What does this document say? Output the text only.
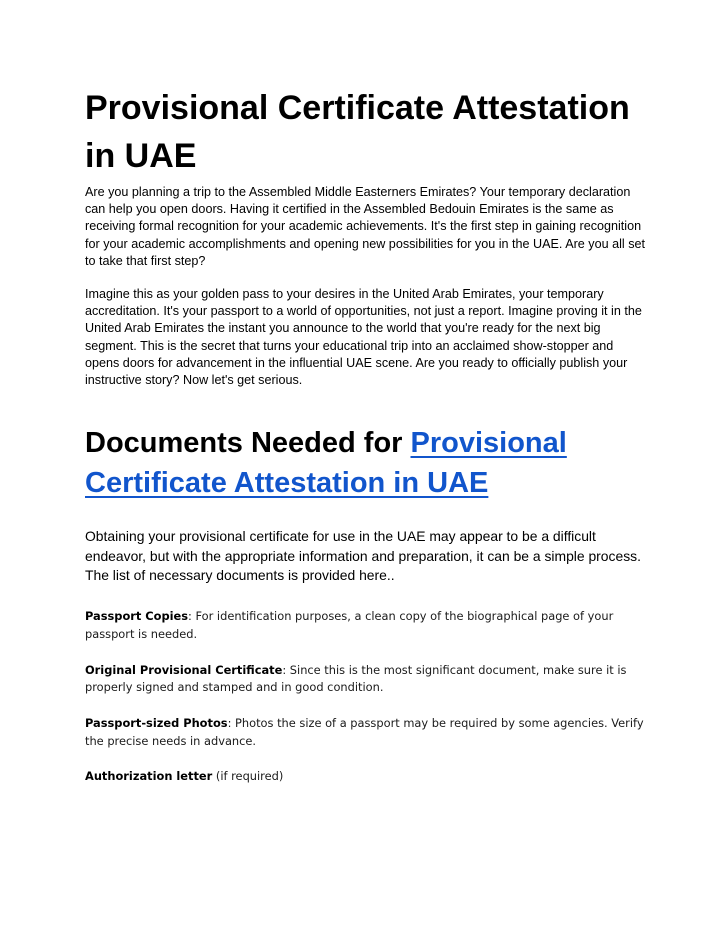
Provisional Certificate Attestation in UAE

Are you planning a trip to the Assembled Middle Easterners Emirates? Your temporary declaration can help you open doors. Having it certified in the Assembled Bedouin Emirates is the same as receiving formal recognition for your academic achievements. It's the first step in gaining recognition for your academic accomplishments and opening new possibilities for you in the UAE. Are you all set to take that first step?

Imagine this as your golden pass to your desires in the United Arab Emirates, your temporary accreditation. It's your passport to a world of opportunities, not just a report. Imagine proving it in the United Arab Emirates the instant you announce to the world that you're ready for the next big segment. This is the secret that turns your educational trip into an acclaimed show-stopper and opens doors for advancement in the influential UAE scene. Are you ready to officially publish your instructive story? Now let's get serious.

Documents Needed for Provisional Certificate Attestation in UAE

Obtaining your provisional certificate for use in the UAE may appear to be a difficult endeavor, but with the appropriate information and preparation, it can be a simple process. The list of necessary documents is provided here..

Passport Copies: For identification purposes, a clean copy of the biographical page of your passport is needed.

Original Provisional Certificate: Since this is the most significant document, make sure it is properly signed and stamped and in good condition.

Passport-sized Photos: Photos the size of a passport may be required by some agencies. Verify the precise needs in advance.

Authorization letter (if required)
